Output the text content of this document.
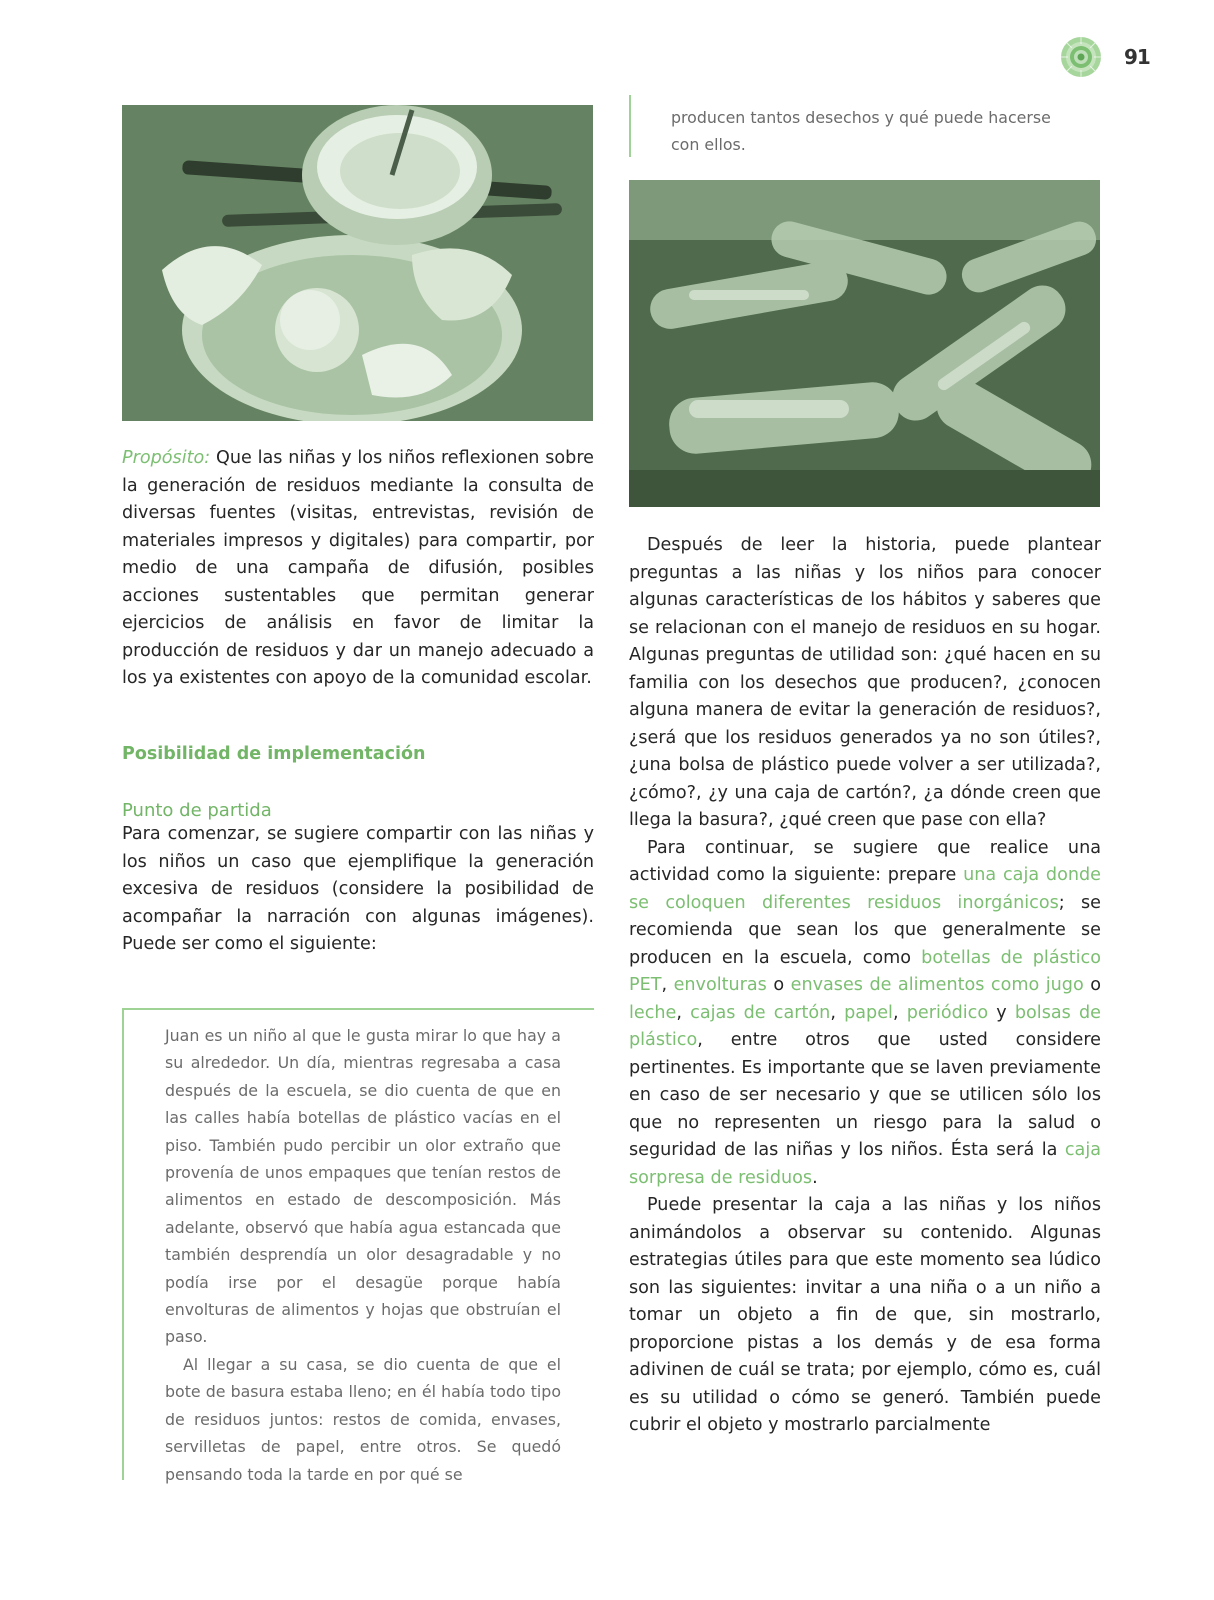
91

producen tantos desechos y qué puede hacerse con ellos.

Propósito: Que las niñas y los niños reflexionen sobre la generación de residuos mediante la consulta de diversas fuentes (visitas, entrevistas, revisión de materiales impresos y digitales) para compartir, por medio de una campaña de difusión, posibles acciones sustentables que permitan generar ejercicios de análisis en favor de limitar la producción de residuos y dar un manejo adecuado a los ya existentes con apoyo de la comunidad escolar.

Posibilidad de implementación

Punto de partida

Para comenzar, se sugiere compartir con las niñas y los niños un caso que ejemplifique la generación excesiva de residuos (considere la posibilidad de acompañar la narración con algunas imágenes). Puede ser como el siguiente:

Juan es un niño al que le gusta mirar lo que hay a su alrededor. Un día, mientras regresaba a casa después de la escuela, se dio cuenta de que en las calles había botellas de plástico vacías en el piso. También pudo percibir un olor extraño que provenía de unos empaques que tenían restos de alimentos en estado de descomposición. Más adelante, observó que había agua estancada que también desprendía un olor desagradable y no podía irse por el desagüe porque había envolturas de alimentos y hojas que obstruían el paso.

Al llegar a su casa, se dio cuenta de que el bote de basura estaba lleno; en él había todo tipo de residuos juntos: restos de comida, envases, servilletas de papel, entre otros. Se quedó pensando toda la tarde en por qué se

Después de leer la historia, puede plantear preguntas a las niñas y los niños para conocer algunas características de los hábitos y saberes que se relacionan con el manejo de residuos en su hogar. Algunas preguntas de utilidad son: ¿qué hacen en su familia con los desechos que producen?, ¿conocen alguna manera de evitar la generación de residuos?, ¿será que los residuos generados ya no son útiles?, ¿una bolsa de plástico puede volver a ser utilizada?, ¿cómo?, ¿y una caja de cartón?, ¿a dónde creen que llega la basura?, ¿qué creen que pase con ella?

Para continuar, se sugiere que realice una actividad como la siguiente: prepare una caja donde se coloquen diferentes residuos inorgánicos; se recomienda que sean los que generalmente se producen en la escuela, como botellas de plástico PET, envolturas o envases de alimentos como jugo o leche, cajas de cartón, papel, periódico y bolsas de plástico, entre otros que usted considere pertinentes. Es importante que se laven previamente en caso de ser necesario y que se utilicen sólo los que no representen un riesgo para la salud o seguridad de las niñas y los niños. Ésta será la caja sorpresa de residuos.

Puede presentar la caja a las niñas y los niños animándolos a observar su contenido. Algunas estrategias útiles para que este momento sea lúdico son las siguientes: invitar a una niña o a un niño a tomar un objeto a fin de que, sin mostrarlo, proporcione pistas a los demás y de esa forma adivinen de cuál se trata; por ejemplo, cómo es, cuál es su utilidad o cómo se generó. También puede cubrir el objeto y mostrarlo parcialmente
